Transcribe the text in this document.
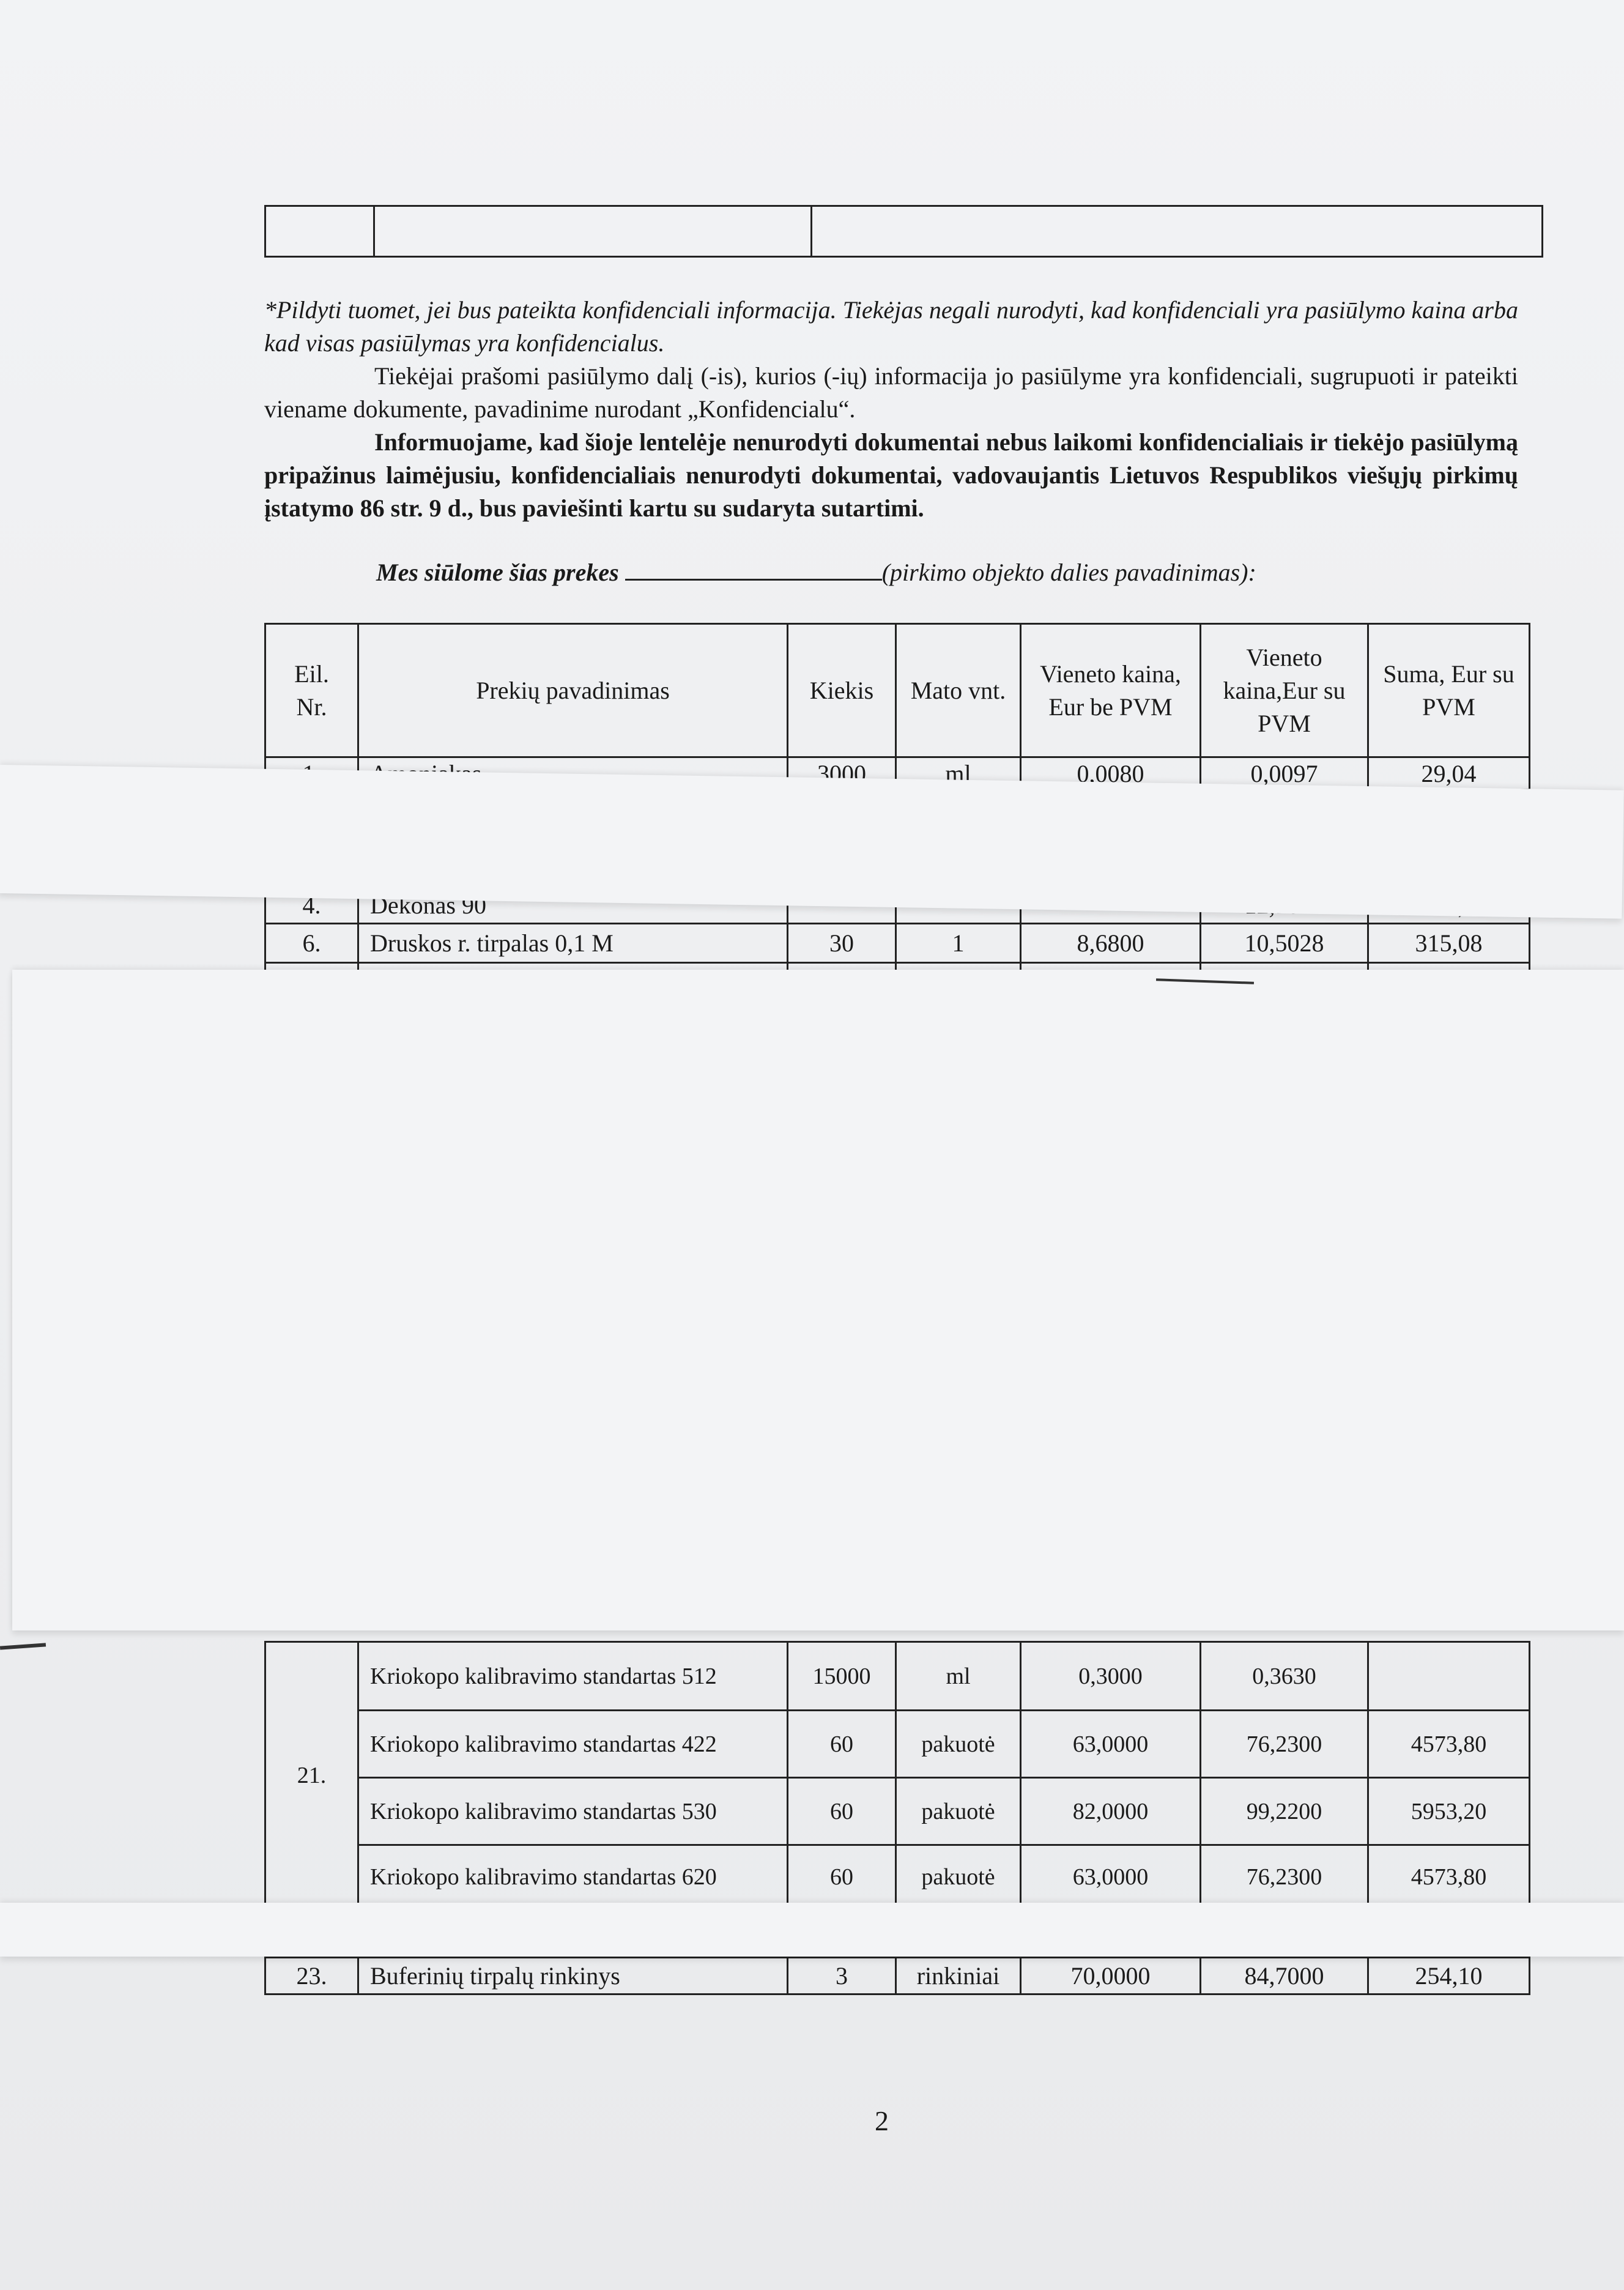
*Pildyti tuomet, jei bus pateikta konfidenciali informacija. Tiekėjas negali nurodyti, kad konfidenciali yra pasiūlymo kaina arba kad visas pasiūlymas yra konfidencialus.
Tiekėjai prašomi pasiūlymo dalį (-is), kurios (-ių) informacija jo pasiūlyme yra konfidenciali, sugrupuoti ir pateikti viename dokumente, pavadinime nurodant „Konfidencialu“.
Informuojame, kad šioje lentelėje nenurodyti dokumentai nebus laikomi konfidencialiais ir tiekėjo pasiūlymą pripažinus laimėjusiu, konfidencialiais nenurodyti dokumentai, vadovaujantis Lietuvos Respublikos viešųjų pirkimų įstatymo 86 str. 9 d., bus paviešinti kartu su sudaryta sutartimi.
Mes siūlome šias prekes	(pirkimo objekto dalies pavadinimas):
Eil. Nr.	Prekių pavadinimas	Kiekis	Mato vnt.	Vieneto kaina, Eur be PVM	Vieneto kaina,Eur su PVM	Suma, Eur su PVM
		3000	ml	0,0080	0,0097	29,04
4.	Dekonas 90					
6.	Druskos r. tirpalas 0,1 M	30	1	8,6800	10,5028	315,08

21.	Kriokopo kalibravimo standartas 512	15000	ml	0,3000	0,3630	
	Kriokopo kalibravimo standartas 422	60	pakuotė	63,0000	76,2300	4573,80
	Kriokopo kalibravimo standartas 530	60	pakuotė	82,0000	99,2200	5953,20
	Kriokopo kalibravimo standartas 620	60	pakuotė	63,0000	76,2300	4573,80
23.	Buferinių tirpalų rinkinys	3	rinkiniai	70,0000	84,7000	254,10
2
